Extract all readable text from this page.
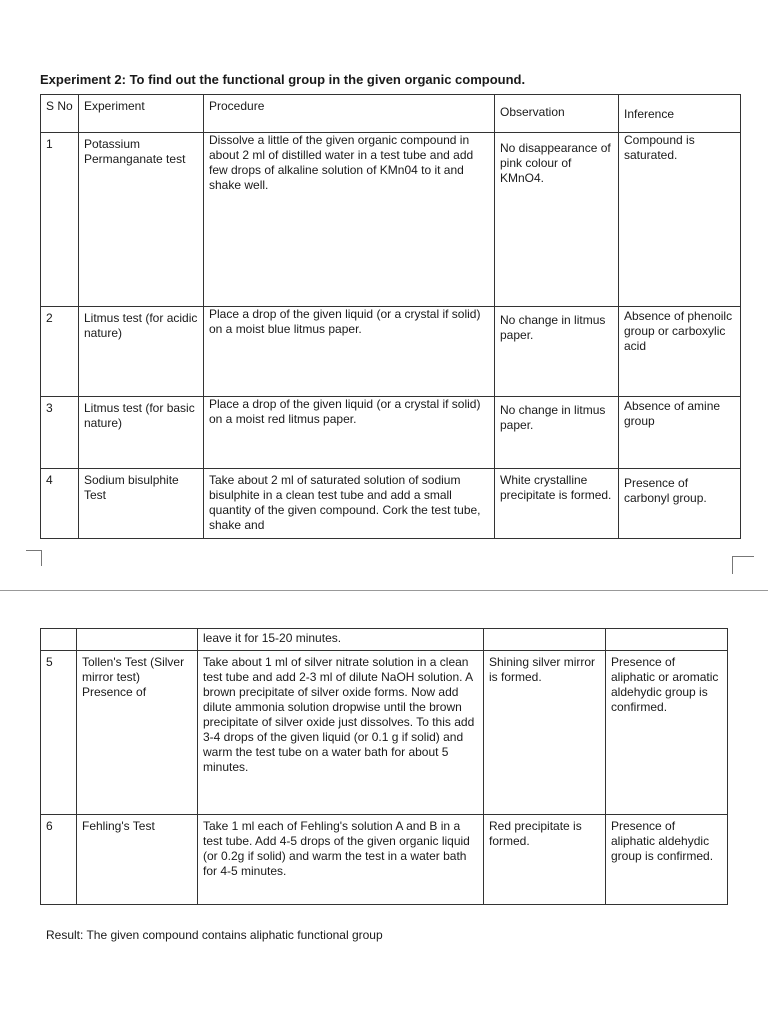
Experiment 2: To find out the functional group in the given organic compound.
S No	Experiment	Procedure	Observation	Inference
1	Potassium Permanganate test	Dissolve a little of the given organic compound in about 2 ml of distilled water in a test tube and add few drops of alkaline solution of KMn04 to it and shake well.	No disappearance of pink colour of KMnO4.	Compound is saturated.
2	Litmus test (for acidic nature)	Place a drop of the given liquid (or a crystal if solid) on a moist blue litmus paper.	No change in litmus paper.	Absence of phenoilc group or carboxylic acid
3	Litmus test (for basic nature)	Place a drop of the given liquid (or a crystal if solid) on a moist red litmus paper.	No change in litmus paper.	Absence of amine group
4	Sodium bisulphite Test	Take about 2 ml of saturated solution of sodium bisulphite in a clean test tube and add a small quantity of the given compound. Cork the test tube, shake and	White crystalline precipitate is formed.	Presence of carbonyl group.
		leave it for 15-20 minutes.		
5	Tollen's Test (Silver mirror test) Presence of	Take about 1 ml of silver nitrate solution in a clean test tube and add 2-3 ml of dilute NaOH solution. A brown precipitate of silver oxide forms. Now add dilute ammonia solution dropwise until the brown precipitate of silver oxide just dissolves. To this add 3-4 drops of the given liquid (or 0.1 g if solid) and warm the test tube on a water bath for about 5 minutes.	Shining silver mirror is formed.	Presence of aliphatic or aromatic aldehydic group is confirmed.
6	Fehling's Test	Take 1 ml each of Fehling's solution A and B in a test tube. Add 4-5 drops of the given organic liquid (or 0.2g if solid) and warm the test in a water bath for 4-5 minutes.	Red precipitate is formed.	Presence of aliphatic aldehydic group is confirmed.
Result: The given compound contains aliphatic functional group
